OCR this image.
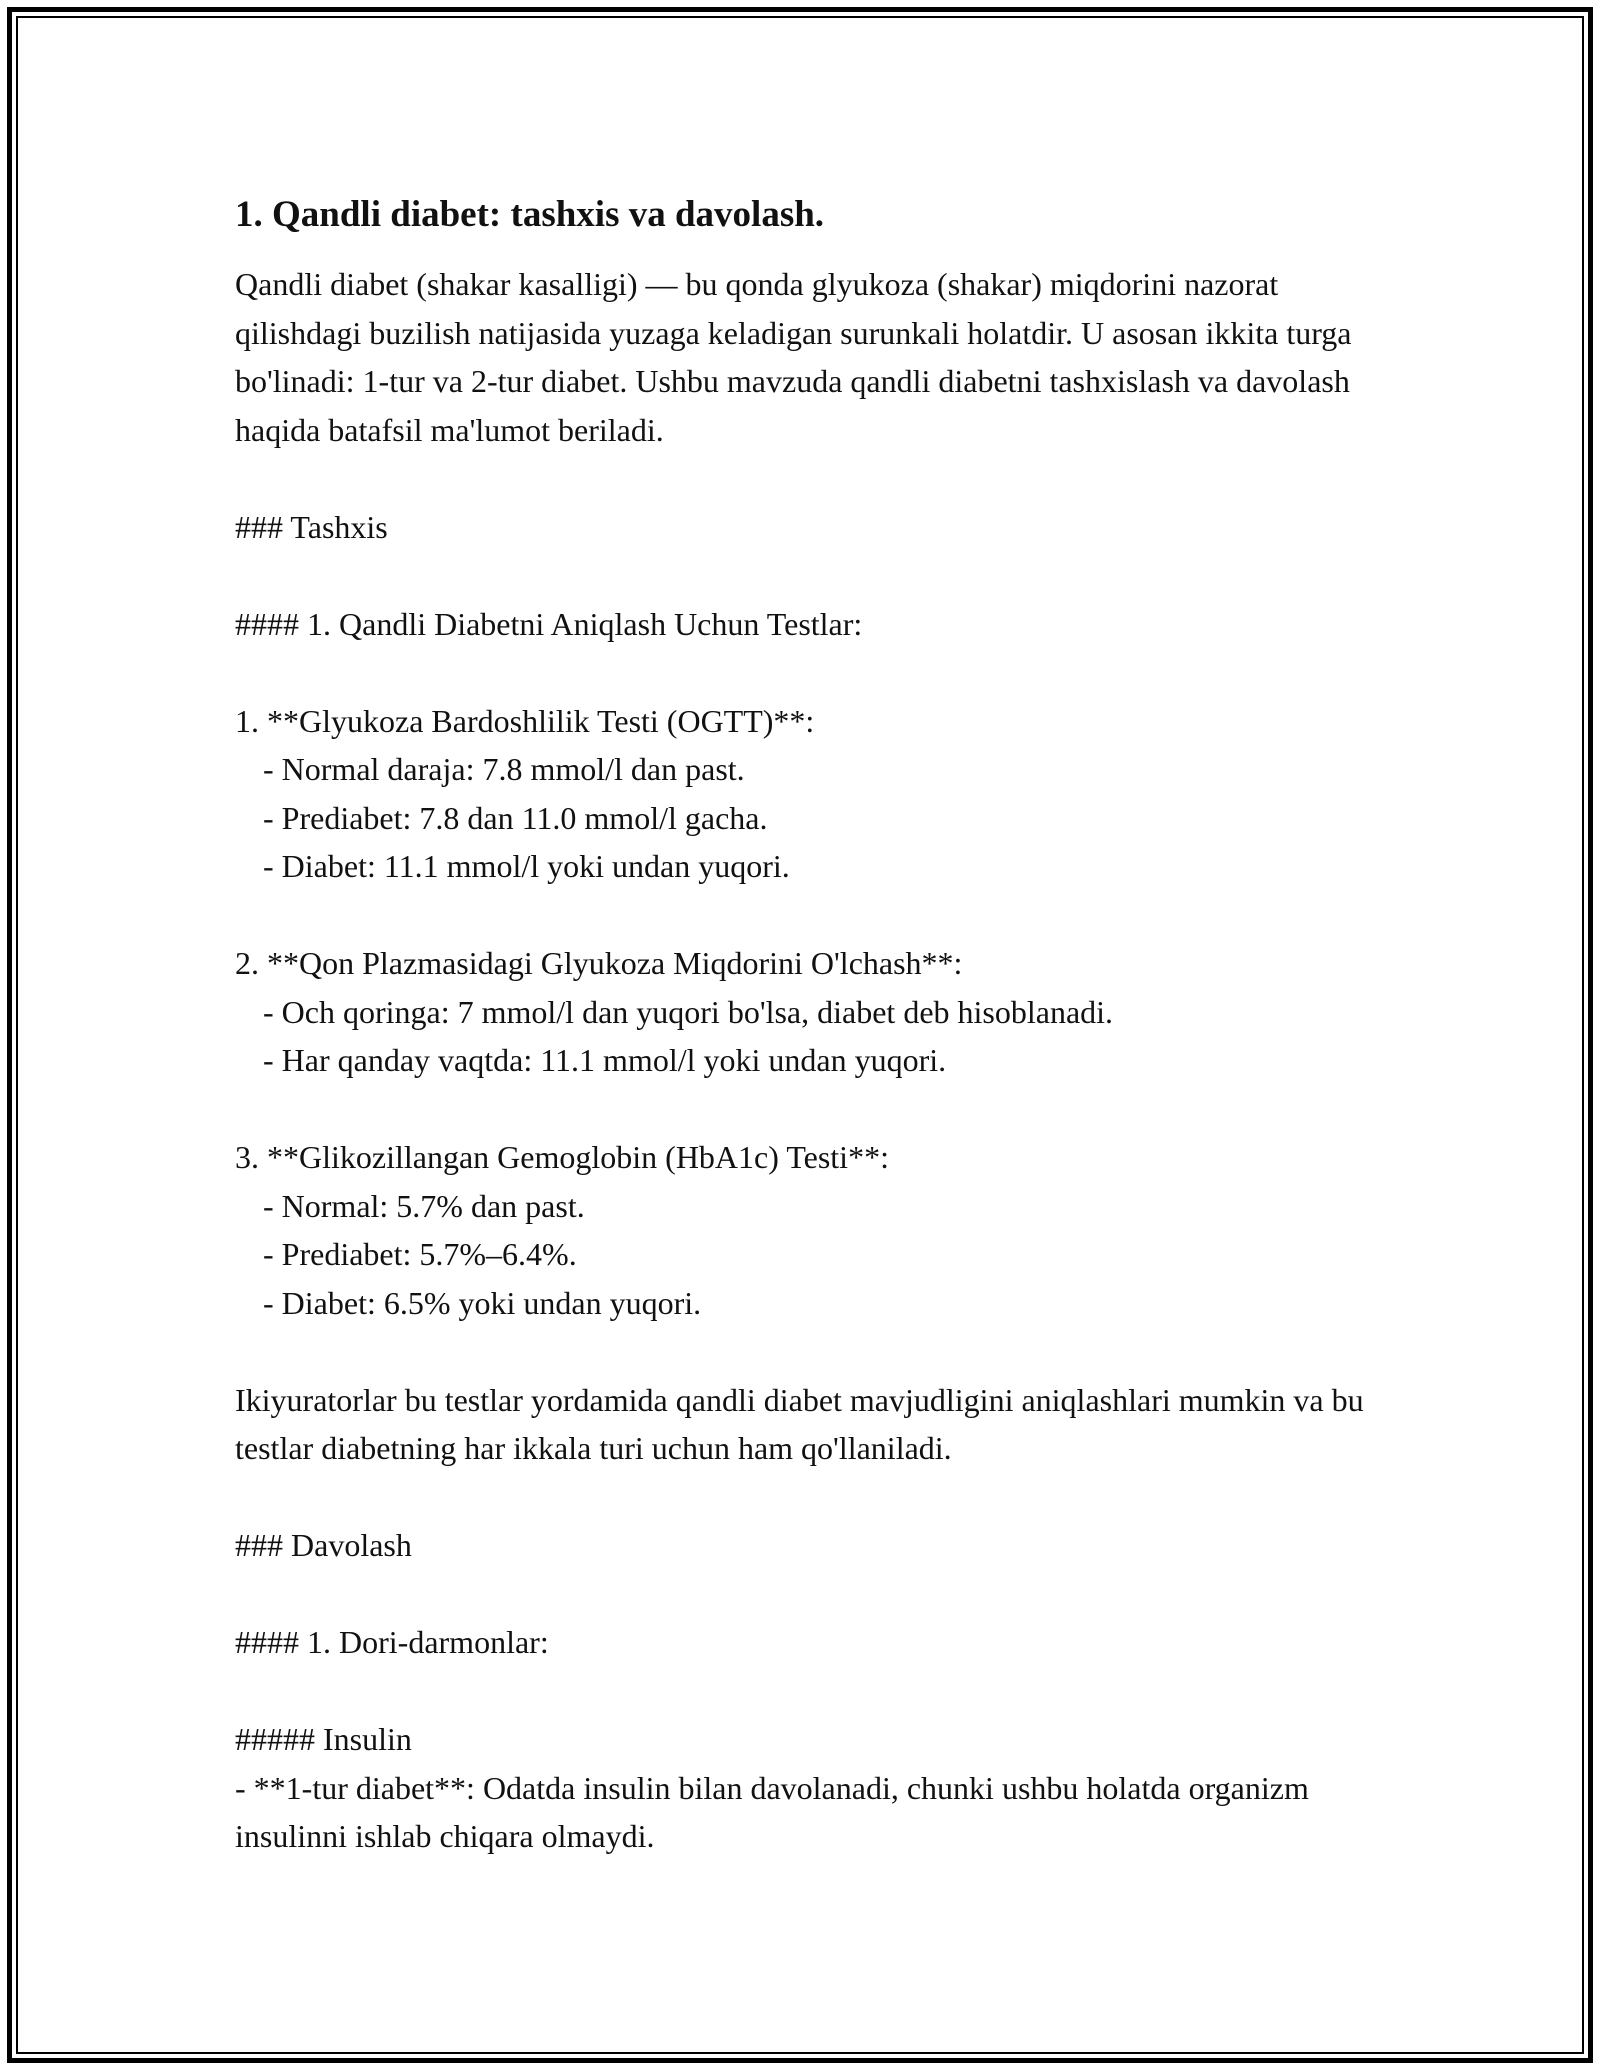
1. Qandli diabet: tashxis va davolash.

Qandli diabet (shakar kasalligi) — bu qonda glyukoza (shakar) miqdorini nazorat qilishdagi buzilish natijasida yuzaga keladigan surunkali holatdir. U asosan ikkita turga bo'linadi: 1-tur va 2-tur diabet. Ushbu mavzuda qandli diabetni tashxislash va davolash haqida batafsil ma'lumot beriladi.

### Tashxis
#### 1. Qandli Diabetni Aniqlash Uchun Testlar:
1. **Glyukoza Bardoshlilik Testi (OGTT)**:
- Normal daraja: 7.8 mmol/l dan past.
- Prediabet: 7.8 dan 11.0 mmol/l gacha.
- Diabet: 11.1 mmol/l yoki undan yuqori.
2. **Qon Plazmasidagi Glyukoza Miqdorini O'lchash**:
- Och qoringa: 7 mmol/l dan yuqori bo'lsa, diabet deb hisoblanadi.
- Har qanday vaqtda: 11.1 mmol/l yoki undan yuqori.
3. **Glikozillangan Gemoglobin (HbA1c) Testi**:
- Normal: 5.7% dan past.
- Prediabet: 5.7%–6.4%.
- Diabet: 6.5% yoki undan yuqori.

Ikiyuratorlar bu testlar yordamida qandli diabet mavjudligini aniqlashlari mumkin va bu testlar diabetning har ikkala turi uchun ham qo'llaniladi.

### Davolash
#### 1. Dori-darmonlar:
##### Insulin

- **1-tur diabet**: Odatda insulin bilan davolanadi, chunki ushbu holatda organizm insulinni ishlab chiqara olmaydi.
